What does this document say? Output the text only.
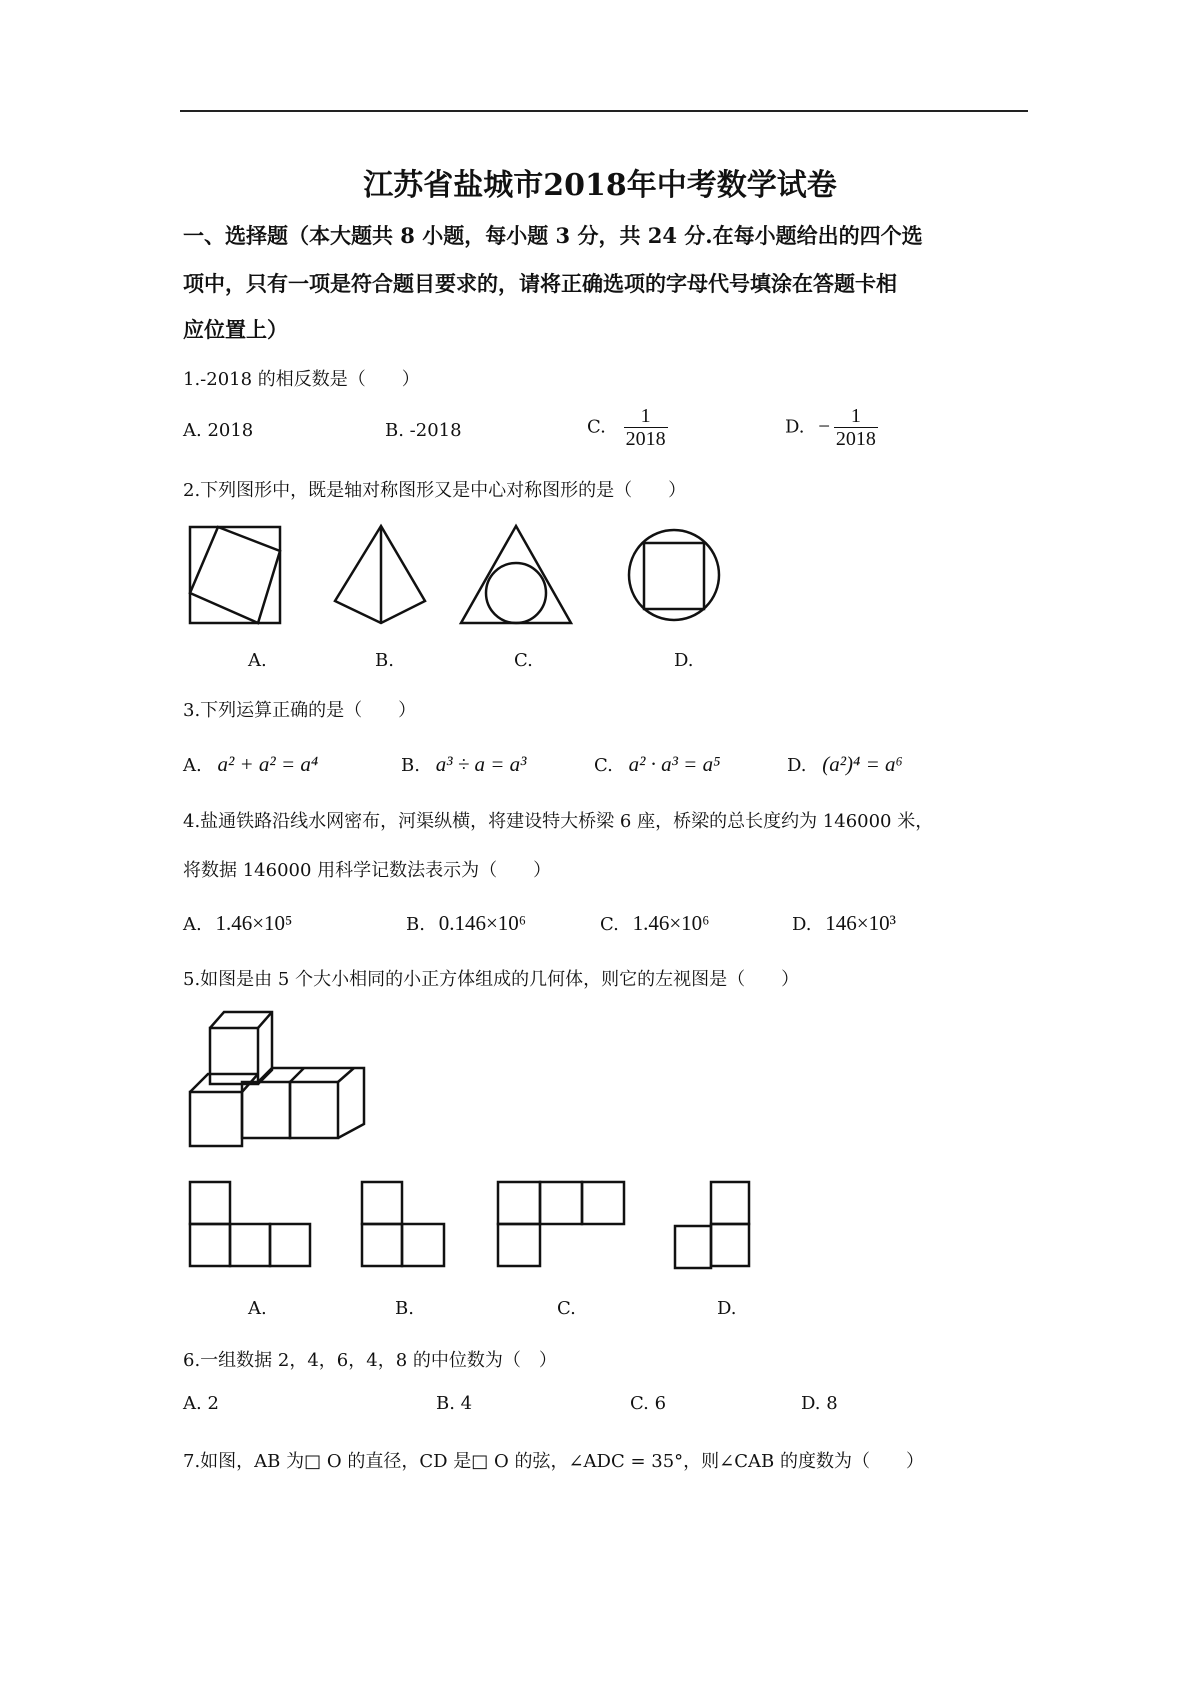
江苏省盐城市2018年中考数学试卷
一、选择题（本大题共 8 小题，每小题 3 分，共 24 分.在每小题给出的四个选
项中，只有一项是符合题目要求的，请将正确选项的字母代号填涂在答题卡相
应位置上）
1.-2018 的相反数是（　　）
A. 2018	B. -2018	C. $\frac{1}{2018}$	D. − $\frac{1}{2018}$
2.下列图形中，既是轴对称图形又是中心对称图形的是（　　）
A.	B.	C.	D.
3.下列运算正确的是（　　）
A. a² + a² = a⁴	B. a³ ÷ a = a³	C. a² · a³ = a⁵	D. (a²)⁴ = a⁶
4.盐通铁路沿线水网密布，河渠纵横，将建设特大桥梁 6 座，桥梁的总长度约为 146000 米，
将数据 146000 用科学记数法表示为（　　）
A. 1.46×10⁵	B. 0.146×10⁶	C. 1.46×10⁶	D. 146×10³
5.如图是由 5 个大小相同的小正方体组成的几何体，则它的左视图是（　　）
A.	B.	C.	D.
6.一组数据 2，4，6，4，8 的中位数为（　）
A. 2	B. 4	C. 6	D. 8
7.如图，AB 为□ O 的直径，CD 是□ O 的弦，∠ADC = 35°，则∠CAB 的度数为（　　）
